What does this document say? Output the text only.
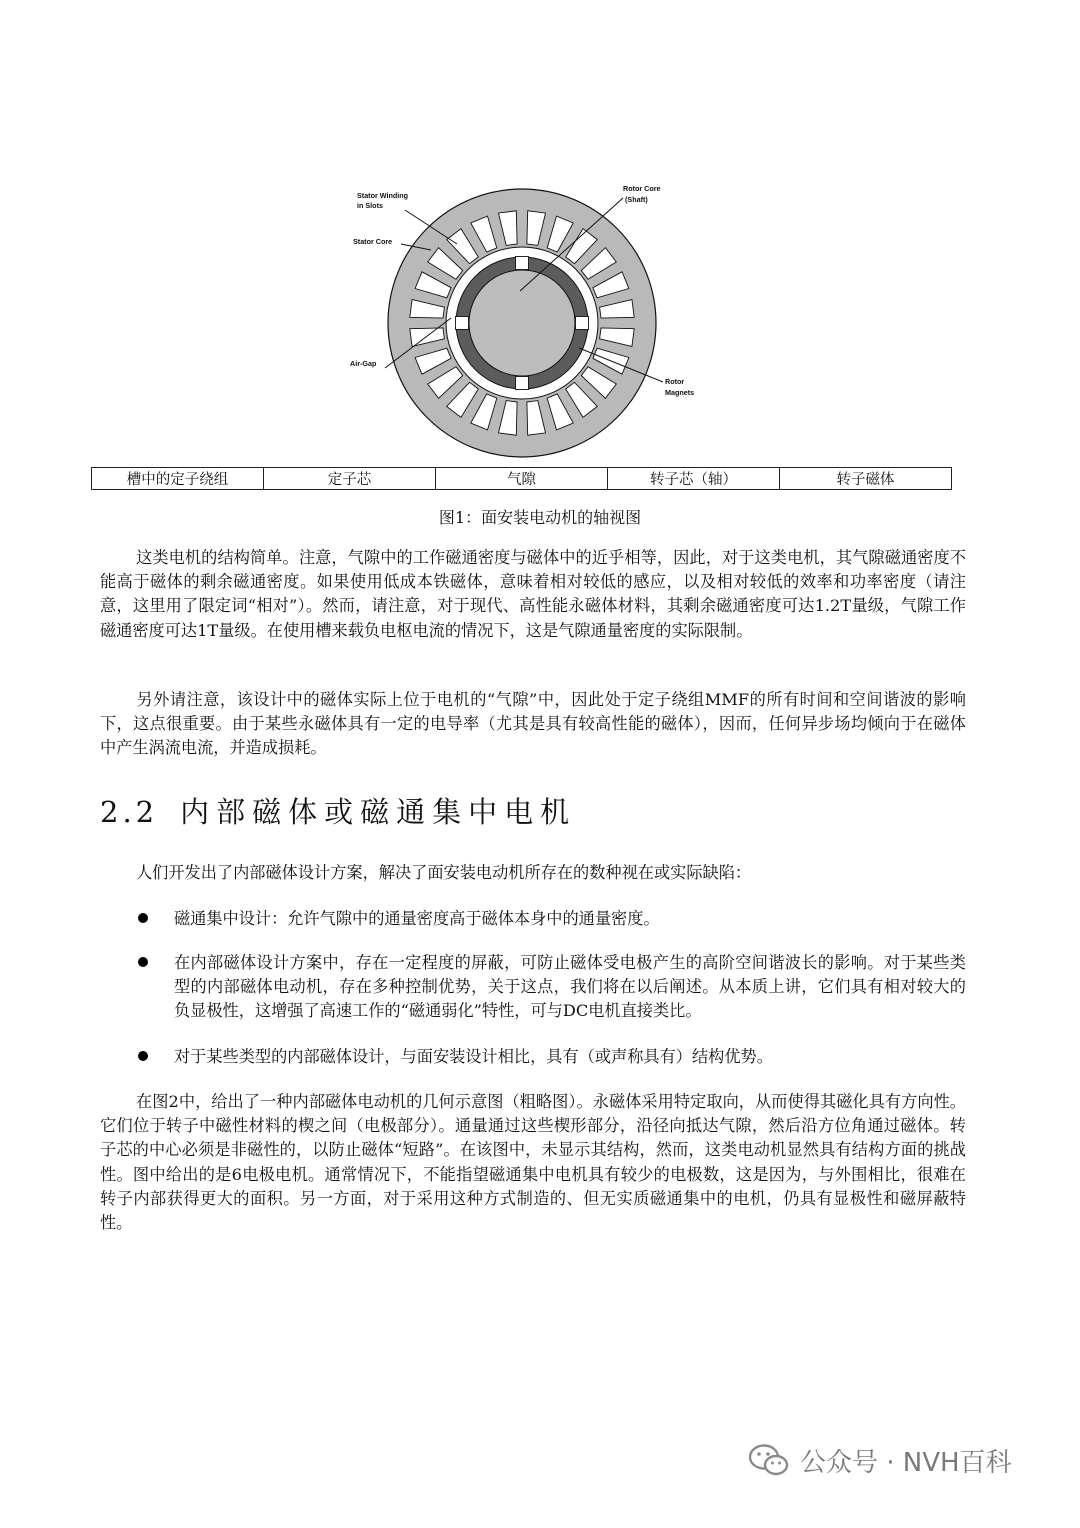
Stator Winding
in Slots
Stator Core
Air-Gap
Rotor Core
(Shaft)
Rotor
Magnets
槽中的定子绕组	定子芯	气隙	转子芯（轴）	转子磁体
图1：面安装电动机的轴视图

这类电机的结构简单。注意，气隙中的工作磁通密度与磁体中的近乎相等，因此，对于这类电机，其气隙磁通密度不能高于磁体的剩余磁通密度。如果使用低成本铁磁体，意味着相对较低的感应，以及相对较低的效率和功率密度（请注意，这里用了限定词“相对”）。然而，请注意，对于现代、高性能永磁体材料，其剩余磁通密度可达1.2T量级，气隙工作磁通密度可达1T量级。在使用槽来载负电枢电流的情况下，这是气隙通量密度的实际限制。

另外请注意，该设计中的磁体实际上位于电机的“气隙”中，因此处于定子绕组MMF的所有时间和空间谐波的影响下，这点很重要。由于某些永磁体具有一定的电导率（尤其是具有较高性能的磁体），因而，任何异步场均倾向于在磁体中产生涡流电流，并造成损耗。

2.2 内部磁体或磁通集中电机

人们开发出了内部磁体设计方案，解决了面安装电动机所存在的数种视在或实际缺陷：

磁通集中设计：允许气隙中的通量密度高于磁体本身中的通量密度。
在内部磁体设计方案中，存在一定程度的屏蔽，可防止磁体受电极产生的高阶空间谐波长的影响。对于某些类型的内部磁体电动机，存在多种控制优势，关于这点，我们将在以后阐述。从本质上讲，它们具有相对较大的负显极性，这增强了高速工作的“磁通弱化”特性，可与DC电机直接类比。
对于某些类型的内部磁体设计，与面安装设计相比，具有（或声称具有）结构优势。

在图2中，给出了一种内部磁体电动机的几何示意图（粗略图）。永磁体采用特定取向，从而使得其磁化具有方向性。它们位于转子中磁性材料的楔之间（电极部分）。通量通过这些楔形部分，沿径向抵达气隙，然后沿方位角通过磁体。转子芯的中心必须是非磁性的，以防止磁体“短路”。在该图中，未显示其结构，然而，这类电动机显然具有结构方面的挑战性。图中给出的是6电极电机。通常情况下，不能指望磁通集中电机具有较少的电极数，这是因为，与外围相比，很难在转子内部获得更大的面积。另一方面，对于采用这种方式制造的、但无实质磁通集中的电机，仍具有显极性和磁屏蔽特性。

公众号 · NVH百科
